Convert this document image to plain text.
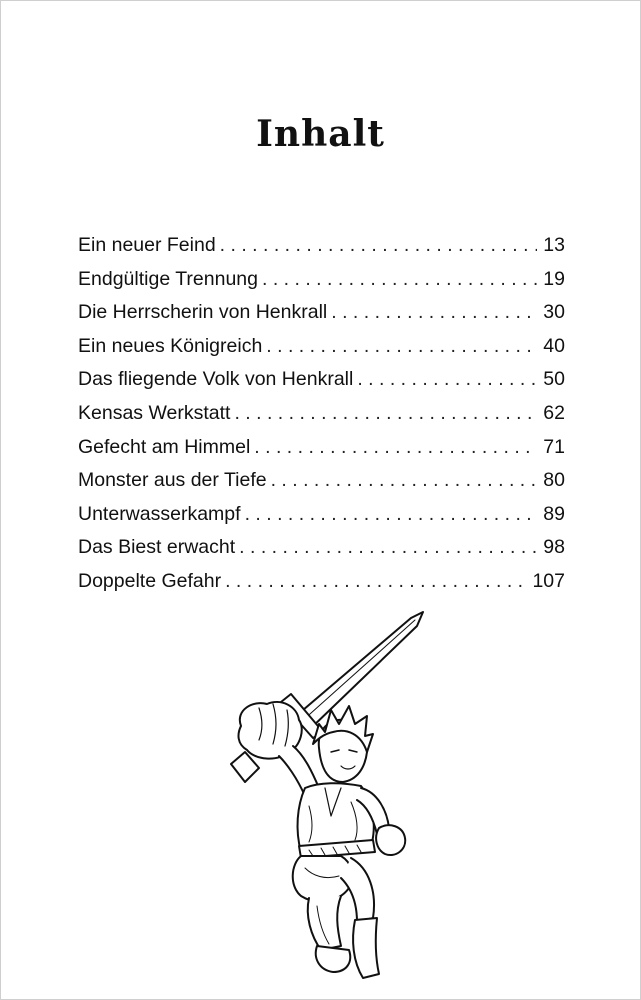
Inhalt
Ein neuer Feind . . .	13
Endgültige Trennung . . .	19
Die Herrscherin von Henkrall . . .	30
Ein neues Königreich . . .	40
Das fliegende Volk von Henkrall . . .	50
Kensas Werkstatt . . .	62
Gefecht am Himmel . . .	71
Monster aus der Tiefe . . .	80
Unterwasserkampf . . .	89
Das Biest erwacht . . .	98
Doppelte Gefahr . . .	107
